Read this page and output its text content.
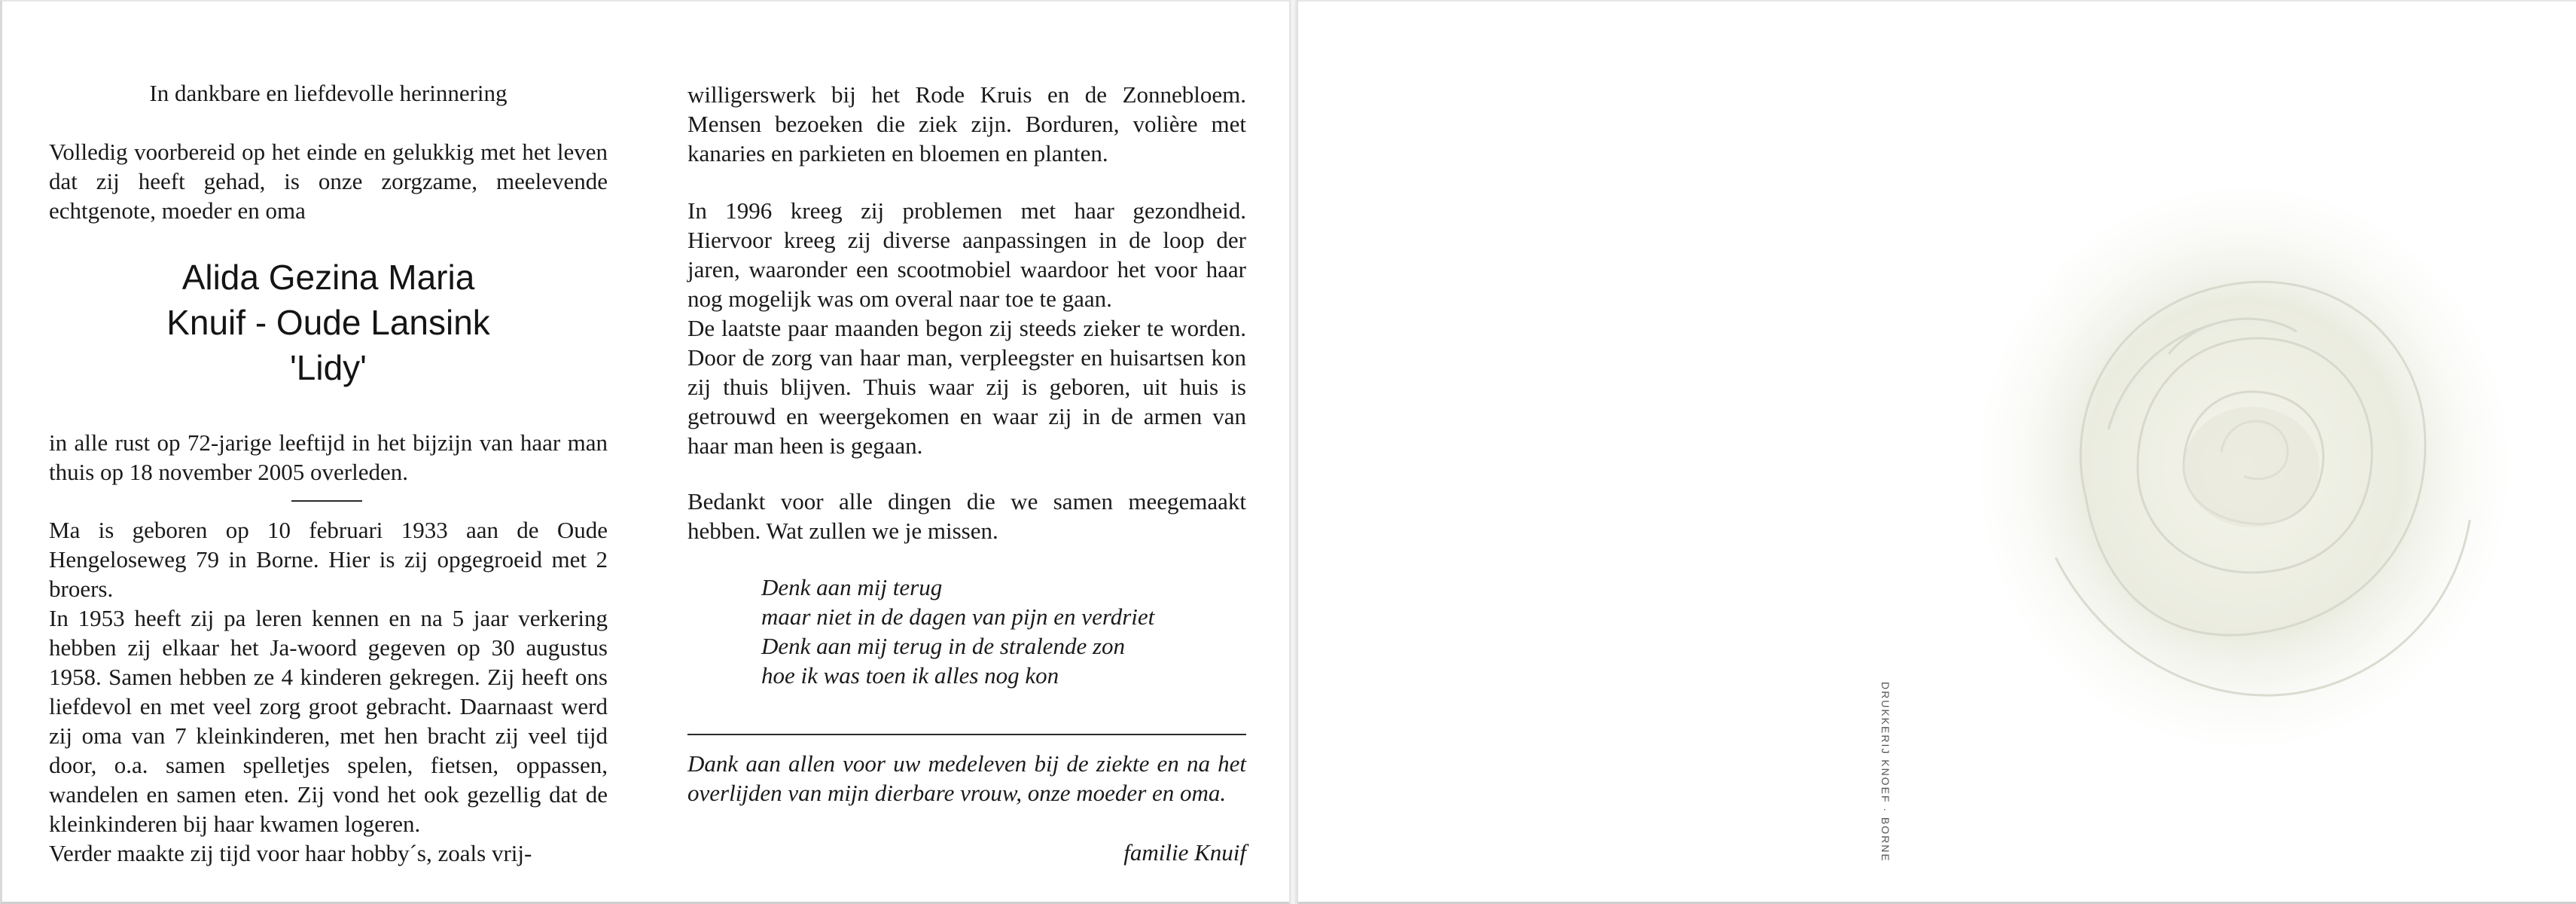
In dankbare en liefdevolle herinnering

Volledig voorbereid op het einde en gelukkig met het leven dat zij heeft gehad, is onze zorgzame, meelevende echtgenote, moeder en oma

Alida Gezina Maria
Knuif - Oude Lansink
'Lidy'

in alle rust op 72-jarige leeftijd in het bijzijn van haar man thuis op 18 november 2005 overleden.

Ma is geboren op 10 februari 1933 aan de Oude Hengeloseweg 79 in Borne. Hier is zij opgegroeid met 2 broers.

In 1953 heeft zij pa leren kennen en na 5 jaar verkering hebben zij elkaar het Ja-woord gegeven op 30 augustus 1958. Samen hebben ze 4 kinderen gekregen. Zij heeft ons liefdevol en met veel zorg groot gebracht. Daarnaast werd zij oma van 7 kleinkinderen, met hen bracht zij veel tijd door, o.a. samen spelletjes spelen, fietsen, oppassen, wandelen en samen eten. Zij vond het ook gezellig dat de kleinkinderen bij haar kwamen logeren.

Verder maakte zij tijd voor haar hobby´s, zoals vrij-

willigerswerk bij het Rode Kruis en de Zonnebloem. Mensen bezoeken die ziek zijn. Borduren, volière met kanaries en parkieten en bloemen en planten.

In 1996 kreeg zij problemen met haar gezondheid. Hiervoor kreeg zij diverse aanpassingen in de loop der jaren, waaronder een scootmobiel waardoor het voor haar nog mogelijk was om overal naar toe te gaan.

De laatste paar maanden begon zij steeds zieker te worden. Door de zorg van haar man, verpleegster en huisartsen kon zij thuis blijven. Thuis waar zij is geboren, uit huis is getrouwd en weergekomen en waar zij in de armen van haar man heen is gegaan.

Bedankt voor alle dingen die we samen meegemaakt hebben. Wat zullen we je missen.

Denk aan mij terug
maar niet in de dagen van pijn en verdriet
Denk aan mij terug in de stralende zon
hoe ik was toen ik alles nog kon

Dank aan allen voor uw medeleven bij de ziekte en na het overlijden van mijn dierbare vrouw, onze moeder en oma.

familie Knuif	DRUKKERIJ KNOEF · BORNE
